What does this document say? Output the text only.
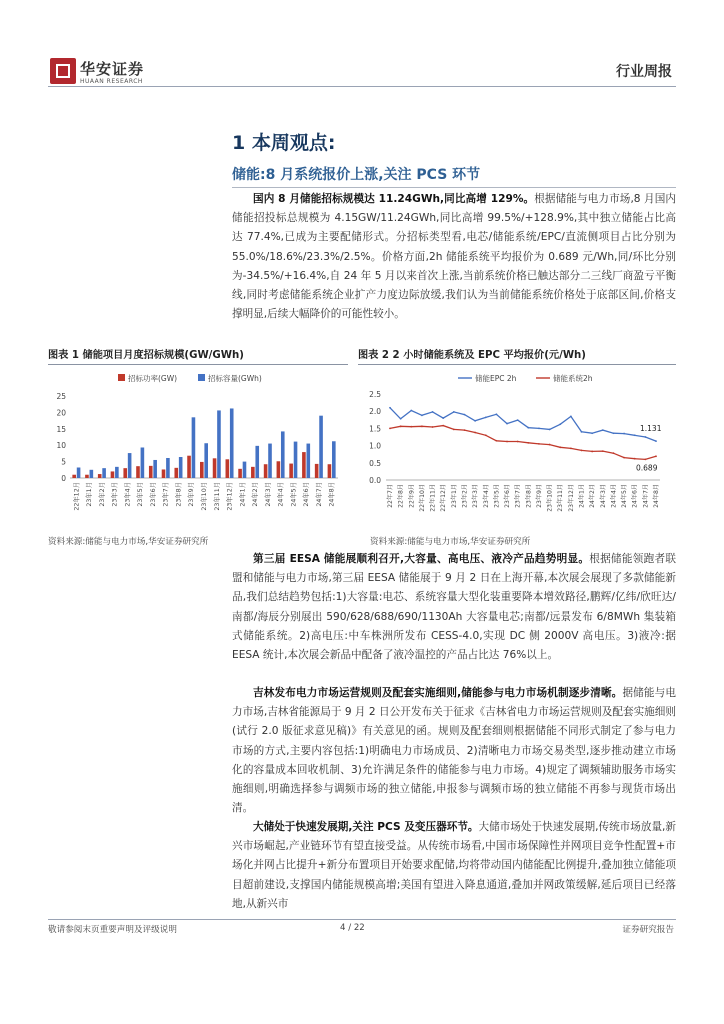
华安证券
HUAAN RESEARCH
行业周报
1 本周观点:
储能:8 月系统报价上涨,关注 PCS 环节
国内 8 月储能招标规模达 11.24GWh,同比高增 129%。根据储能与电力市场,8 月国内储能招投标总规模为 4.15GW/11.24GWh,同比高增 99.5%/+128.9%,其中独立储能占比高达 77.4%,已成为主要配储形式。分招标类型看,电芯/储能系统/EPC/直流侧项目占比分别为 55.0%/18.6%/23.3%/2.5%。价格方面,2h 储能系统平均报价为 0.689 元/Wh,同/环比分别为-34.5%/+16.4%,自 24 年 5 月以来首次上涨,当前系统价格已触达部分二三线厂商盈亏平衡线,同时考虑储能系统企业扩产力度边际放缓,我们认为当前储能系统价格处于底部区间,价格支撑明显,后续大幅降价的可能性较小。
图表 1 储能项目月度招标规模(GW/GWh)	图表 2 2 小时储能系统及 EPC 平均报价(元/Wh)
招标功率(GW)	招标容量(GWh)
0
5
10
15
20
25
22年12月 23年1月 23年2月 23年3月 23年4月 23年5月 23年6月 23年7月 23年8月 23年9月 23年10月 23年11月 23年12月 24年1月 24年2月 24年3月 24年4月 24年5月 24年6月 24年7月 24年8月
储能EPC 2h	储能系统2h
0.0
0.5
1.0
1.5
2.0
2.5
22年7月 22年8月 22年9月 22年10月 22年11月 22年12月 23年1月 23年2月 23年3月 23年4月 23年5月 23年6月 23年7月 23年8月 23年9月 23年10月 23年11月 23年12月 24年1月 24年2月 24年3月 24年4月 24年5月 24年6月 24年7月 24年8月
1.131
0.689
资料来源:储能与电力市场,华安证券研究所	资料来源:储能与电力市场,华安证券研究所
第三届 EESA 储能展顺利召开,大容量、高电压、液冷产品趋势明显。根据储能领跑者联盟和储能与电力市场,第三届 EESA 储能展于 9 月 2 日在上海开幕,本次展会展现了多款储能新品,我们总结趋势包括:1)大容量:电芯、系统容量大型化装重要降本增效路径,鹏辉/亿纬/欣旺达/南都/海辰分别展出 590/628/688/690/1130Ah 大容量电芯;南都/远景发布 6/8MWh 集装箱式储能系统。2)高电压:中车株洲所发布 CESS-4.0,实现 DC 侧 2000V 高电压。3)液冷:据 EESA 统计,本次展会新品中配备了液冷温控的产品占比达 76%以上。
吉林发布电力市场运营规则及配套实施细则,储能参与电力市场机制逐步清晰。据储能与电力市场,吉林省能源局于 9 月 2 日公开发布关于征求《吉林省电力市场运营规则及配套实施细则(试行 2.0 版征求意见稿)》有关意见的函。规则及配套细则根据储能不同形式制定了参与电力市场的方式,主要内容包括:1)明确电力市场成员、2)清晰电力市场交易类型,逐步推动建立市场化的容量成本回收机制、3)允许满足条件的储能参与电力市场。4)规定了调频辅助服务市场实施细则,明确选择参与调频市场的独立储能,申报参与调频市场的独立储能不再参与现货市场出清。
大储处于快速发展期,关注 PCS 及变压器环节。大储市场处于快速发展期,传统市场放量,新兴市场崛起,产业链环节有望直接受益。从传统市场看,中国市场保障性并网项目竞争性配置+市场化并网占比提升+新分布置项目开始要求配储,均将带动国内储能配比例提升,叠加独立储能项目超前建设,支撑国内储能规模高增;美国有望进入降息通道,叠加并网政策缓解,延后项目已经落地,从新兴市
敬请参阅末页重要声明及评级说明	4 / 22	证券研究报告
